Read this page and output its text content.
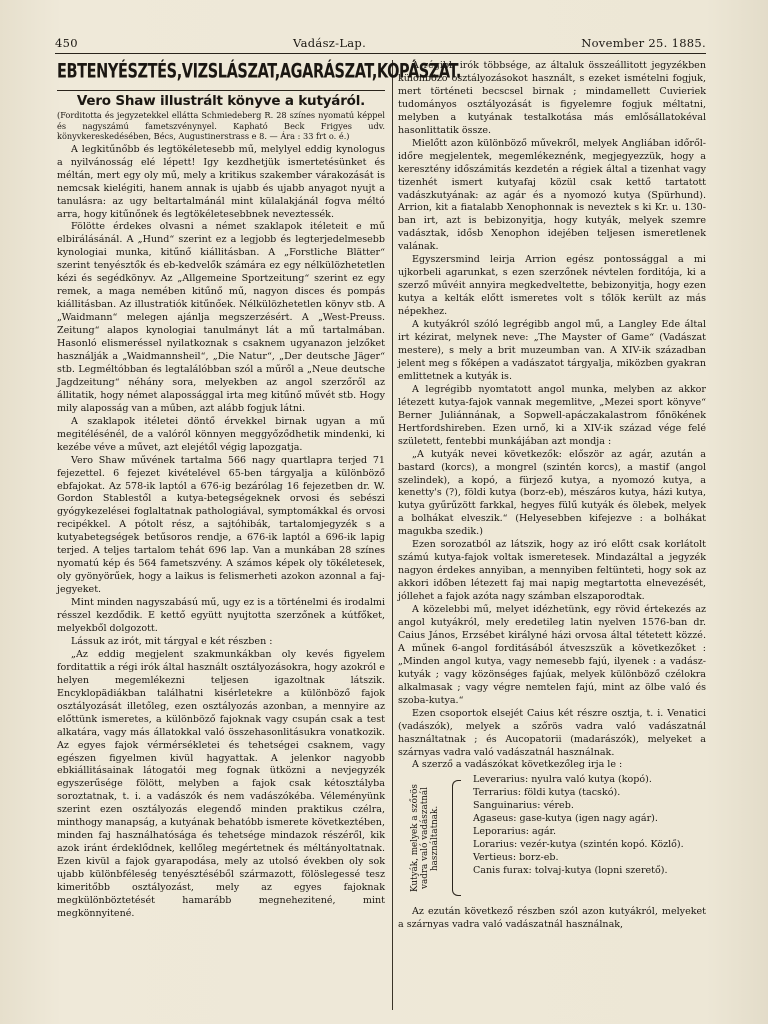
450	Vadász-Lap.	November 25. 1885.
EBTENYÉSZTÉS,VIZSLÁSZAT,AGARÁSZAT,KOPÁSZAT.
Vero Shaw illustrált könyve a kutyáról.
(Forditotta és jegyzetekkel ellátta Schmiedeberg R. 28 színes nyomatú képpel és nagyszámú fametszvénynyel. Kapható Beck Frigyes udv. könyvkereskedésében, Bécs, Augustinerstrass e 8. — Ára : 33 frt o. é.)

A legkitűnőbb és legtökéletesebb mű, melylyel eddig kynologus a nyilvánosság elé lépett! Igy kezdhetjük ismertetésünket és méltán, mert egy oly mű, mely a kritikus szakember várakozását is nemcsak kielégiti, hanem annak is ujabb és ujabb anyagot nyujt a tanulásra: az ugy beltartalmánál mint külalakjánál fogva méltó arra, hogy kitűnőnek és legtökéletesebbnek neveztessék.

Fölötte érdekes olvasni a német szaklapok itéleteit e mű elbirálásánál. A „Hund“ szerint ez a legjobb és legterjedelmesebb kynologiai munka, kitűnő kiállitásban. A „Forstliche Blätter“ szerint tenyésztők és eb-kedvelők számára ez egy nélkülözhetetlen kézi és segédkönyv. Az „Allgemeine Sportzeitung“ szerint ez egy remek, a maga nemében kitűnő mű, nagyon disces és pompás kiállitásban. Az illustratiók kitűnőek. Nélkülözhetetlen könyv stb. A „Waidmann“ melegen ajánlja megszerzésért. A „West-Preuss. Zeitung“ alapos kynologiai tanulmányt lát a mű tartalmában. Hasonló elismeréssel nyilatkoznak s csaknem ugyanazon jelzőket használják a „Waidmannsheil“, „Die Natur“, „Der deutsche Jäger“ stb. Legméltóbban és legtalálóbban szól a műről a „Neue deutsche Jagdzeitung“ néhány sora, melyekben az angol szerzőről az állitatik, hogy német alapossággal irta meg kitűnő művét stb. Hogy mily alaposság van a műben, azt alább fogjuk látni.

A szaklapok itéletei döntő érvekkel birnak ugyan a mű megitélésénél, de a valóról könnyen meggyőződhetik mindenki, ki kezébe véve a művet, azt elejétől végig lapozgatja.

Vero Shaw művének tartalma 566 nagy quartlapra terjed 71 fejezettel. 6 fejezet kivételével 65-ben tárgyalja a különböző ebfajokat. Az 578-ik laptól a 676-ig bezárólag 16 fejezetben dr. W. Gordon Stablestől a kutya-betegségeknek orvosi és sebészi gyógykezelései foglaltatnak pathologiával, symptomákkal és orvosi recipékkel. A pótolt rész, a sajtóhibák, tartalomjegyzék s a kutyabetegségek betűsoros rendje, a 676-ik laptól a 696-ik lapig terjed. A teljes tartalom tehát 696 lap. Van a munkában 28 színes nyomatú kép és 564 fametszvény. A számos képek oly tökéletesek, oly gyönyörűek, hogy a laikus is felismerheti azokon azonnal a faj-jegyeket.

Mint minden nagyszabású mű, ugy ez is a történelmi és irodalmi résszel kezdődik. E kettő együtt nyujtotta szerzőnek a kútfőket, melyekből dolgozott.

Lássuk az irót, mit tárgyal e két részben :

„Az eddig megjelent szakmunkákban oly kevés figyelem forditattik a régi irók által használt osztályozásokra, hogy azokról e helyen megemlékezni teljesen igazoltnak látszik. Encyklopädiákban találhatni kisérletekre a különböző fajok osztályozását illetőleg, ezen osztályozás azonban, a mennyire az előttünk ismeretes, a különböző fajoknak vagy csupán csak a test alkatára, vagy más állatokkal való összehasonlitásukra vonatkozik. Az egyes fajok vérmérsékletei és tehetségei csaknem, vagy egészen figyelmen kivül hagyattak. A jelenkor nagyobb ebkiállitásainak látogatói meg fognak ütközni a nevjegyzék egyszerűsége fölött, melyben a fajok csak kétosztályba soroztatnak, t. i. a vadászók és nem vadászókéba. Véleményünk szerint ezen osztályozás elegendő minden praktikus czélra, minthogy manapság, a kutyának behatóbb ismerete következtében, minden faj használhatósága és tehetsége mindazok részéről, kik azok iránt érdeklődnek, kellőleg megértetnek és méltányoltatnak. Ezen kivül a fajok gyarapodása, mely az utolsó években oly sok ujabb különbféleség tenyésztéséből származott, fölöslegessé tesz kimeritőbb osztályozást, mely az egyes fajoknak megkülönböztetését hamarább megnehezitené, mint megkönnyitené.

A régibb irók többsége, az általuk összeállitott jegyzékben különböző osztályozásokot használt, s ezeket ismételni fogjuk, mert történeti becscsel birnak ; mindamellett Cuvieriek tudományos osztályozását is figyelemre fogjuk méltatni, melyben a kutyának testalkotása más emlősállatokéval hasonlittatik össze.

Mielőtt azon különböző művekről, melyek Angliában időről-időre megjelentek, megemlékeznénk, megjegyezzük, hogy a keresztény időszámitás kezdetén a régiek által a tizenhat vagy tizenhét ismert kutyafaj közül csak kettő tartatott vadászkutyának: az agár és a nyomozó kutya (Spürhund). Arrion, kit a fiatalabb Xenophonnak is neveztek s ki Kr. u. 130-ban irt, azt is bebizonyitja, hogy kutyák, melyek szemre vadásztak, idősb Xenophon idejében teljesen ismeretlenek valának.

Egyszersmind leirja Arrion egész pontossággal a mi ujkorbeli agarunkat, s ezen szerzőnek névtelen forditója, ki a szerző művéit annyira megkedveltette, bebizonyitja, hogy ezen kutya a kelták előtt ismeretes volt s tőlök került az más népekhez.

A kutyákról szóló legrégibb angol mű, a Langley Ede által irt kézirat, melynek neve: „The Mayster of Game“ (Vadászat mestere), s mely a brit muzeumban van. A XIV-ik században jelent meg s főképen a vadászatot tárgyalja, miközben gyakran emlittetnek a kutyák is.

A legrégibb nyomtatott angol munka, melyben az akkor létezett kutya-fajok vannak megemlitve, „Mezei sport könyve“ Berner Juliánnának, a Sopwell-apáczakalastrom főnökének Hertfordshireben. Ezen urnő, ki a XIV-ik század vége felé született, fentebbi munkájában azt mondja :

„A kutyák nevei következők: először az agár, azután a bastard (korcs), a mongrel (szintén korcs), a mastif (angol szelindek), a kopó, a fürjező kutya, a nyomozó kutya, a kenetty's (?), földi kutya (borz-eb), mészáros kutya, házi kutya, kutya gyűrűzött farkkal, hegyes fülű kutyák és ölebek, melyek a bolhákat elveszik.“ (Helyesebben kifejezve : a bolhákat magukba szedik.)

Ezen sorozatból az látszik, hogy az iró előtt csak korlátolt számú kutya-fajok voltak ismeretesek. Mindazáltal a jegyzék nagyon érdekes annyiban, a mennyiben feltünteti, hogy sok az akkori időben létezett faj mai napig megtartotta elnevezését, jóllehet a fajok azóta nagy számban elszaporodtak.

A közelebbi mű, melyet idézhetünk, egy rövid értekezés az angol kutyákról, mely eredetileg latin nyelven 1576-ban dr. Caius János, Erzsébet királyné házi orvosa által tétetett közzé. A műnek 6-angol forditásából átveszszük a következőket : „Minden angol kutya, vagy nemesebb fajú, ilyenek : a vadász-kutyák ; vagy közönséges fajúak, melyek különböző czélokra alkalmasak ; vagy végre nemtelen fajú, mint az ölbe való és szoba-kutya.“

Ezen csoportok elsejét Caius két részre osztja, t. i. Venatici (vadászók), melyek a szőrös vadra való vadászatnál használtatnak ; és Aucopatorii (madarászók), melyeket a szárnyas vadra való vadászatnál használnak.

A szerző a vadászókat következőleg irja le :

Kutyák, melyek a szőrös vadra való vadászatnál használtatnak.
Leverarius: nyulra való kutya (kopó).
Terrarius: földi kutya (tacskó).
Sanguinarius: véreb.
Agaseus: gase-kutya (igen nagy agár).
Leporarius: agár.
Lorarius: vezér-kutya (szintén kopó. Közlő).
Vertieus: borz-eb.
Canis furax: tolvaj-kutya (lopni szerető).

Az ezután következő részben szól azon kutyákról, melyeket a szárnyas vadra való vadászatnál használnak,
